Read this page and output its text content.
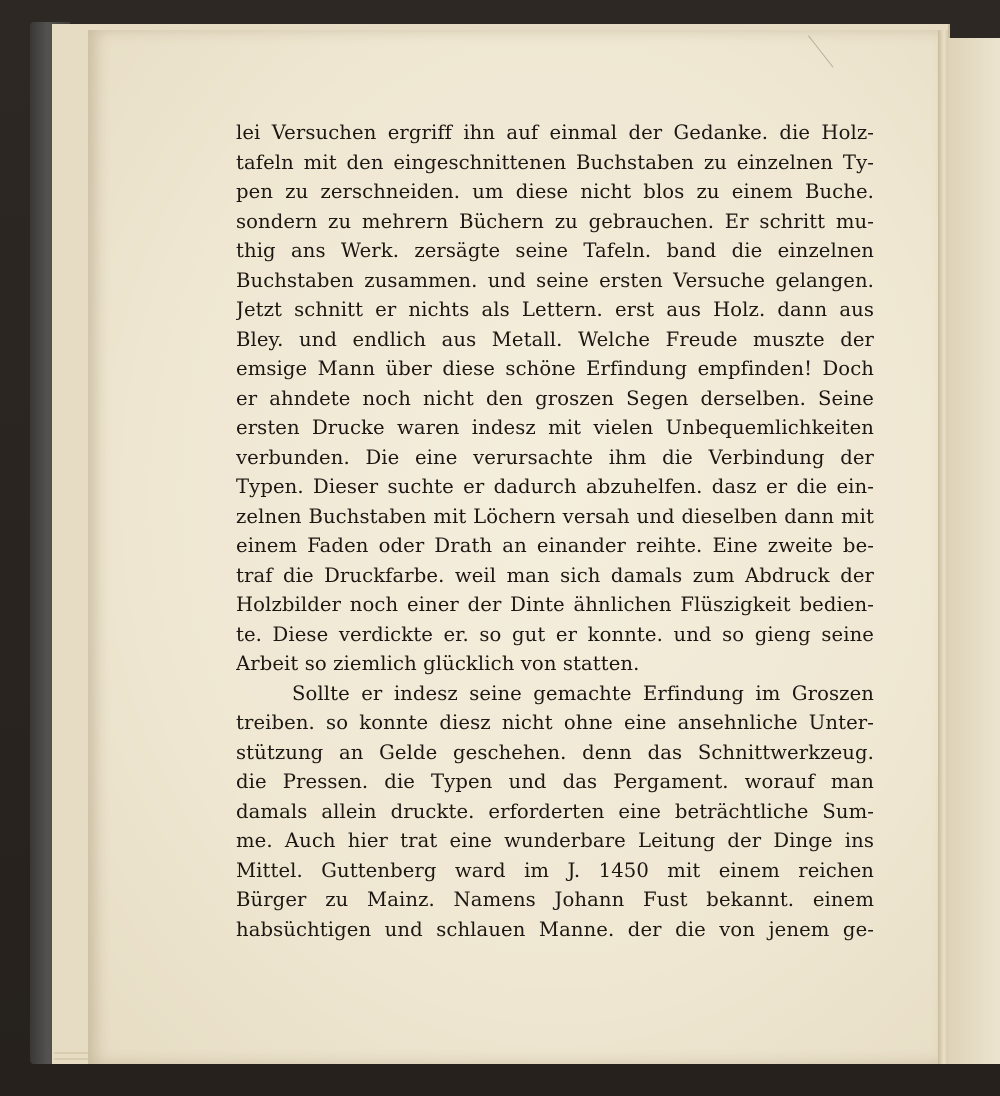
lei Versuchen ergriff ihn auf einmal der Gedanke. die Holz-
tafeln mit den eingeschnittenen Buchstaben zu einzelnen Ty-
pen zu zerschneiden. um diese nicht blos zu einem Buche.
sondern zu mehrern Büchern zu gebrauchen. Er schritt mu-
thig ans Werk. zersägte seine Tafeln. band die einzelnen
Buchstaben zusammen. und seine ersten Versuche gelangen.
Jetzt schnitt er nichts als Lettern. erst aus Holz. dann aus
Bley. und endlich aus Metall. Welche Freude muszte der
emsige Mann über diese schöne Erfindung empfinden! Doch
er ahndete noch nicht den groszen Segen derselben. Seine
ersten Drucke waren indesz mit vielen Unbequemlichkeiten
verbunden. Die eine verursachte ihm die Verbindung der
Typen. Dieser suchte er dadurch abzuhelfen. dasz er die ein-
zelnen Buchstaben mit Löchern versah und dieselben dann mit
einem Faden oder Drath an einander reihte. Eine zweite be-
traf die Druckfarbe. weil man sich damals zum Abdruck der
Holzbilder noch einer der Dinte ähnlichen Flüszigkeit bedien-
te. Diese verdickte er. so gut er konnte. und so gieng seine
Arbeit so ziemlich glücklich von statten.
Sollte er indesz seine gemachte Erfindung im Groszen
treiben. so konnte diesz nicht ohne eine ansehnliche Unter-
stützung an Gelde geschehen. denn das Schnittwerkzeug.
die Pressen. die Typen und das Pergament. worauf man
damals allein druckte. erforderten eine beträchtliche Sum-
me. Auch hier trat eine wunderbare Leitung der Dinge ins
Mittel. Guttenberg ward im J. 1450 mit einem reichen
Bürger zu Mainz. Namens Johann Fust bekannt. einem
habsüchtigen und schlauen Manne. der die von jenem ge-
